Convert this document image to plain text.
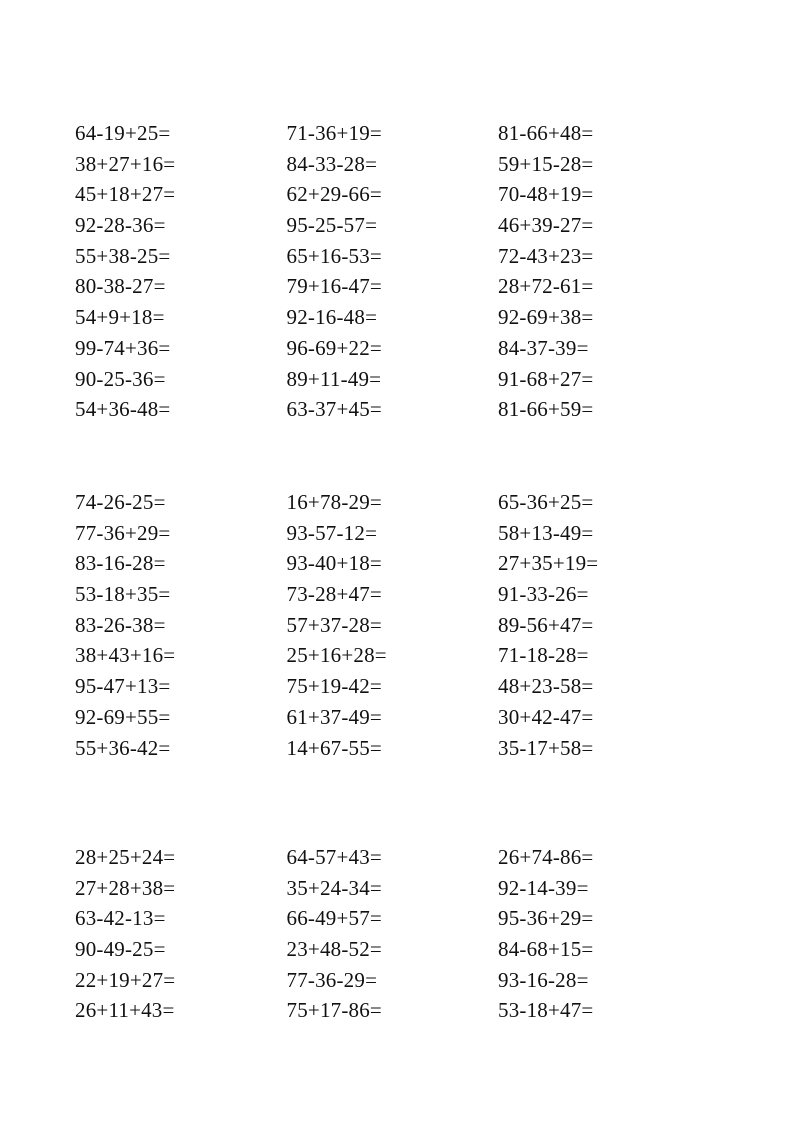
64-19+25=	71-36+19=	81-66+48=
38+27+16=	84-33-28=	59+15-28=
45+18+27=	62+29-66=	70-48+19=
92-28-36=	95-25-57=	46+39-27=
55+38-25=	65+16-53=	72-43+23=
80-38-27=	79+16-47=	28+72-61=
54+9+18=	92-16-48=	92-69+38=
99-74+36=	96-69+22=	84-37-39=
90-25-36=	89+11-49=	91-68+27=
54+36-48=	63-37+45=	81-66+59=
74-26-25=	16+78-29=	65-36+25=
77-36+29=	93-57-12=	58+13-49=
83-16-28=	93-40+18=	27+35+19=
53-18+35=	73-28+47=	91-33-26=
83-26-38=	57+37-28=	89-56+47=
38+43+16=	25+16+28=	71-18-28=
95-47+13=	75+19-42=	48+23-58=
92-69+55=	61+37-49=	30+42-47=
55+36-42=	14+67-55=	35-17+58=
28+25+24=	64-57+43=	26+74-86=
27+28+38=	35+24-34=	92-14-39=
63-42-13=	66-49+57=	95-36+29=
90-49-25=	23+48-52=	84-68+15=
22+19+27=	77-36-29=	93-16-28=
26+11+43=	75+17-86=	53-18+47=
